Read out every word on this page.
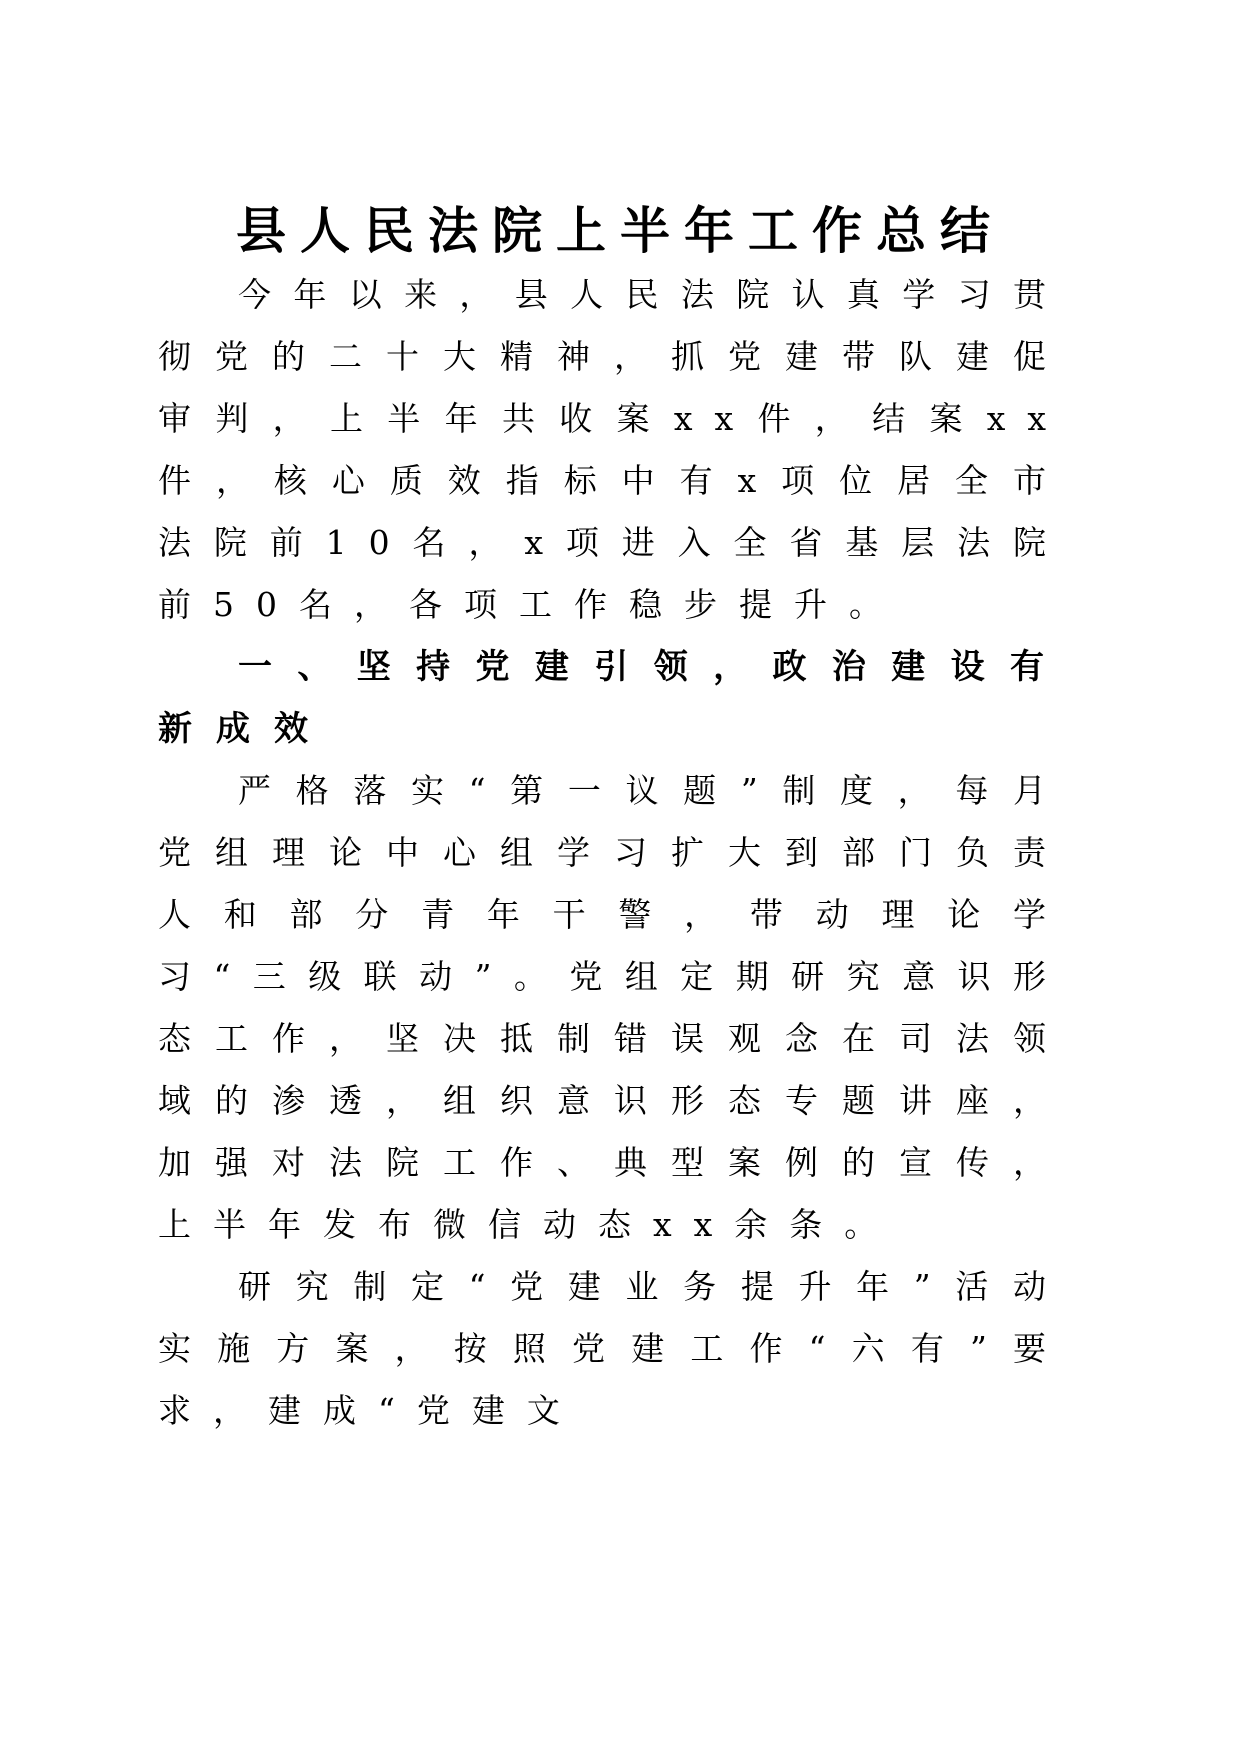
县人民法院上半年工作总结

今年以来，县人民法院认真学习贯彻党的二十大精神，抓党建带队建促审判，上半年共收案xx件，结案xx件，核心质效指标中有x项位居全市法院前10名，x项进入全省基层法院前50名，各项工作稳步提升。

一、坚持党建引领，政治建设有新成效

严格落实“第一议题”制度，每月党组理论中心组学习扩大到部门负责人和部分青年干警，带动理论学习“三级联动”。党组定期研究意识形态工作，坚决抵制错误观念在司法领域的渗透，组织意识形态专题讲座，加强对法院工作、典型案例的宣传，上半年发布微信动态xx余条。

研究制定“党建业务提升年”活动实施方案，按照党建工作“六有”要求，建成“党建文
